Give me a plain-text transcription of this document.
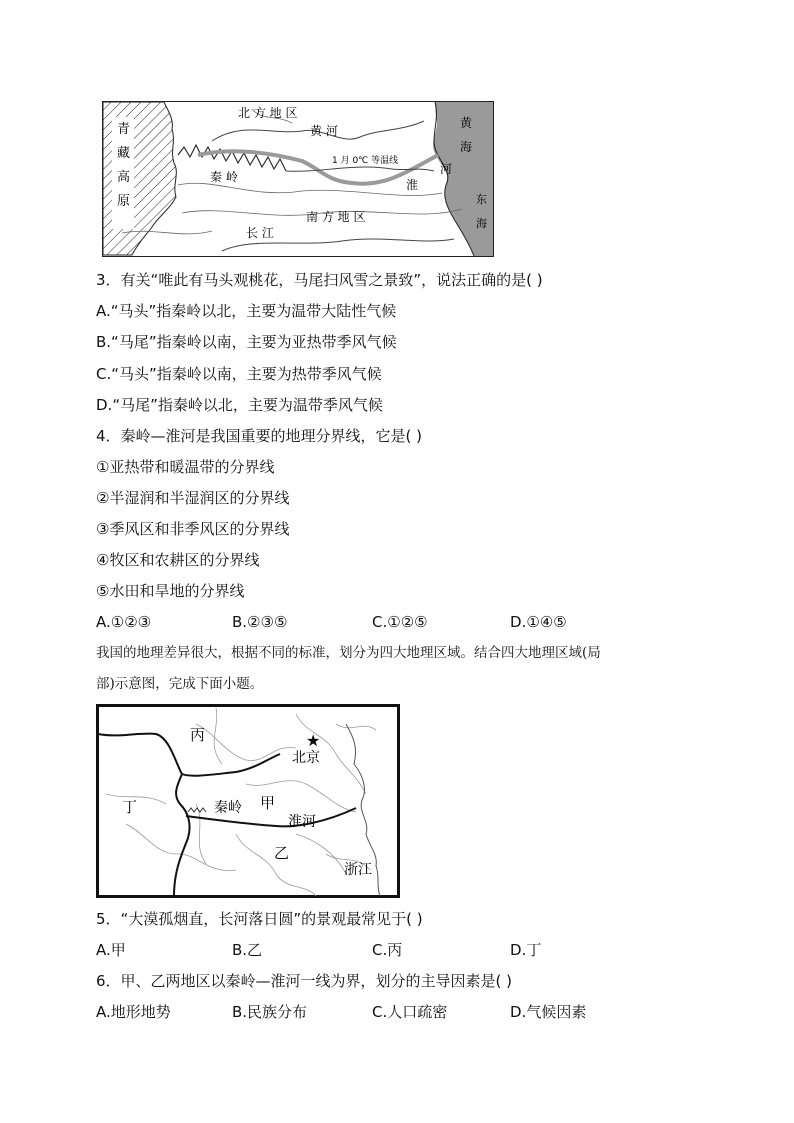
青
藏
高
原
北 方 地 区
黄 河
1 月 0℃ 等温线
秦 岭
淮
河
南 方 地 区
长 江
黄
海
东
海
3．有关“唯此有马头观桃花，马尾扫风雪之景致”，说法正确的是( )
A.“马头”指秦岭以北，主要为温带大陆性气候
B.“马尾”指秦岭以南，主要为亚热带季风气候
C.“马头”指秦岭以南，主要为热带季风气候
D.“马尾”指秦岭以北，主要为温带季风气候
4．秦岭—淮河是我国重要的地理分界线，它是( )
①亚热带和暖温带的分界线
②半湿润和半湿润区的分界线
③季风区和非季风区的分界线
④牧区和农耕区的分界线
⑤水田和旱地的分界线
A.①②③	B.②③⑤	C.①②⑤	D.①④⑤
我国的地理差异很大，根据不同的标准，划分为四大地理区域。结合四大地理区域(局
部)示意图，完成下面小题。
★
丙
丁
北京
秦岭 甲
淮河
乙
浙江
5．“大漠孤烟直，长河落日圆”的景观最常见于( )
A.甲	B.乙	C.丙	D.丁
6．甲、乙两地区以秦岭—淮河一线为界，划分的主导因素是( )
A.地形地势	B.民族分布	C.人口疏密	D.气候因素
